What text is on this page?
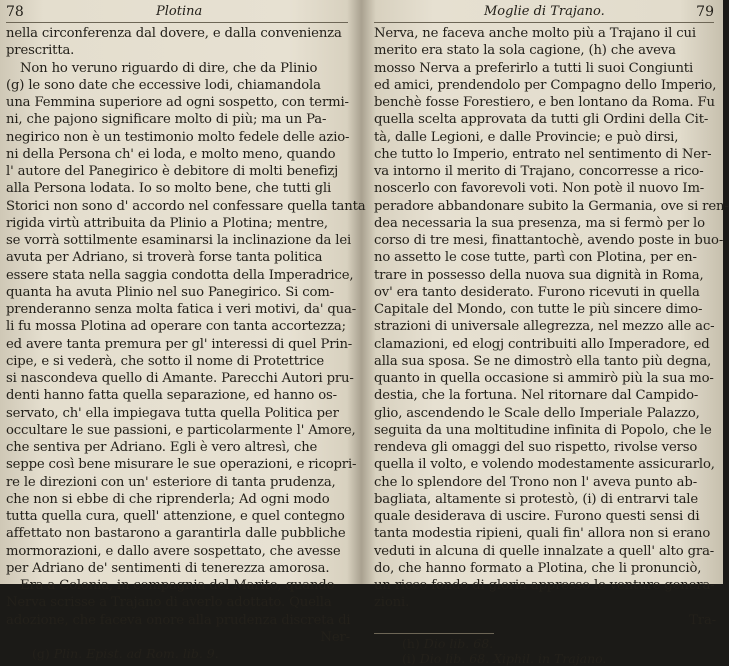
78	Plotina
nella circonferenza dal dovere, e dalla convenienza
prescritta.
Non ho veruno riguardo di dire, che da Plinio
(g) le sono date che eccessive lodi, chiamandola
una Femmina superiore ad ogni sospetto, con termi-
ni, che pajono significare molto di più; ma un Pa-
negirico non è un testimonio molto fedele delle azio-
ni della Persona ch' ei loda, e molto meno, quando
l' autore del Panegirico è debitore di molti benefizj
alla Persona lodata. Io so molto bene, che tutti gli
Storici non sono d' accordo nel confessare quella tanta
rigida virtù attribuita da Plinio a Plotina; mentre,
se vorrà sottilmente esaminarsi la inclinazione da lei
avuta per Adriano, si troverà forse tanta politica
essere stata nella saggia condotta della Imperadrice,
quanta ha avuta Plinio nel suo Panegirico. Si com-
prenderanno senza molta fatica i veri motivi, da' qua-
li fu mossa Plotina ad operare con tanta accortezza;
ed avere tanta premura per gl' interessi di quel Prin-
cipe, e si vederà, che sotto il nome di Protettrice
si nascondeva quello di Amante. Parecchi Autori pru-
denti hanno fatta quella separazione, ed hanno os-
servato, ch' ella impiegava tutta quella Politica per
occultare le sue passioni, e particolarmente l' Amore,
che sentiva per Adriano. Egli è vero altresì, che
seppe così bene misurare le sue operazioni, e ricopri-
re le direzioni con un' esteriore di tanta prudenza,
che non si ebbe di che riprenderla; Ad ogni modo
tutta quella cura, quell' attenzione, e quel contegno
affettato non bastarono a garantirla dalle pubbliche
mormorazioni, e dallo avere sospettato, che avesse
per Adriano de' sentimenti di tenerezza amorosa.
Era a Colonia, in compagnia del Marito, quando
Nerva scrisse a Trajano di averlo adottato. Quella
adozione, che faceva onore alla prudenza discreta di
Ner-
(g) Plin. Epist. ad Rom. lib. 9.
Moglie di Trajano.	79
Nerva, ne faceva anche molto più a Trajano il cui
merito era stato la sola cagione, (h) che aveva
mosso Nerva a preferirlo a tutti li suoi Congiunti
ed amici, prendendolo per Compagno dello Imperio,
benchè fosse Forestiero, e ben lontano da Roma. Fu
quella scelta approvata da tutti gli Ordini della Cit-
tà, dalle Legioni, e dalle Provincie; e può dirsi,
che tutto lo Imperio, entrato nel sentimento di Ner-
va intorno il merito di Trajano, concorresse a rico-
noscerlo con favorevoli voti. Non potè il nuovo Im-
peradore abbandonare subito la Germania, ove si ren-
dea necessaria la sua presenza, ma si fermò per lo
corso di tre mesi, finattantochè, avendo poste in buo-
no assetto le cose tutte, partì con Plotina, per en-
trare in possesso della nuova sua dignità in Roma,
ov' era tanto desiderato. Furono ricevuti in quella
Capitale del Mondo, con tutte le più sincere dimo-
strazioni di universale allegrezza, nel mezzo alle ac-
clamazioni, ed elogj contribuiti allo Imperadore, ed
alla sua sposa. Se ne dimostrò ella tanto più degna,
quanto in quella occasione si ammirò più la sua mo-
destia, che la fortuna. Nel ritornare dal Campido-
glio, ascendendo le Scale dello Imperiale Palazzo,
seguita da una moltitudine infinita di Popolo, che le
rendeva gli omaggi del suo rispetto, rivolse verso
quella il volto, e volendo modestamente assicurarlo,
che lo splendore del Trono non l' aveva punto ab-
bagliata, altamente si protestò, (i) di entrarvi tale
quale desiderava di uscire. Furono questi sensi di
tanta modestia ripieni, quali fin' allora non si erano
veduti in alcuna di quelle innalzate a quell' alto gra-
do, che hanno formato a Plotina, che li pronunciò,
un ricco fondo di gloria appresso le venture genera-
zioni.
Tra-
(h) Dio lib. 68.
(i) Dio lib. 68. Xiphil. in Trajano.
